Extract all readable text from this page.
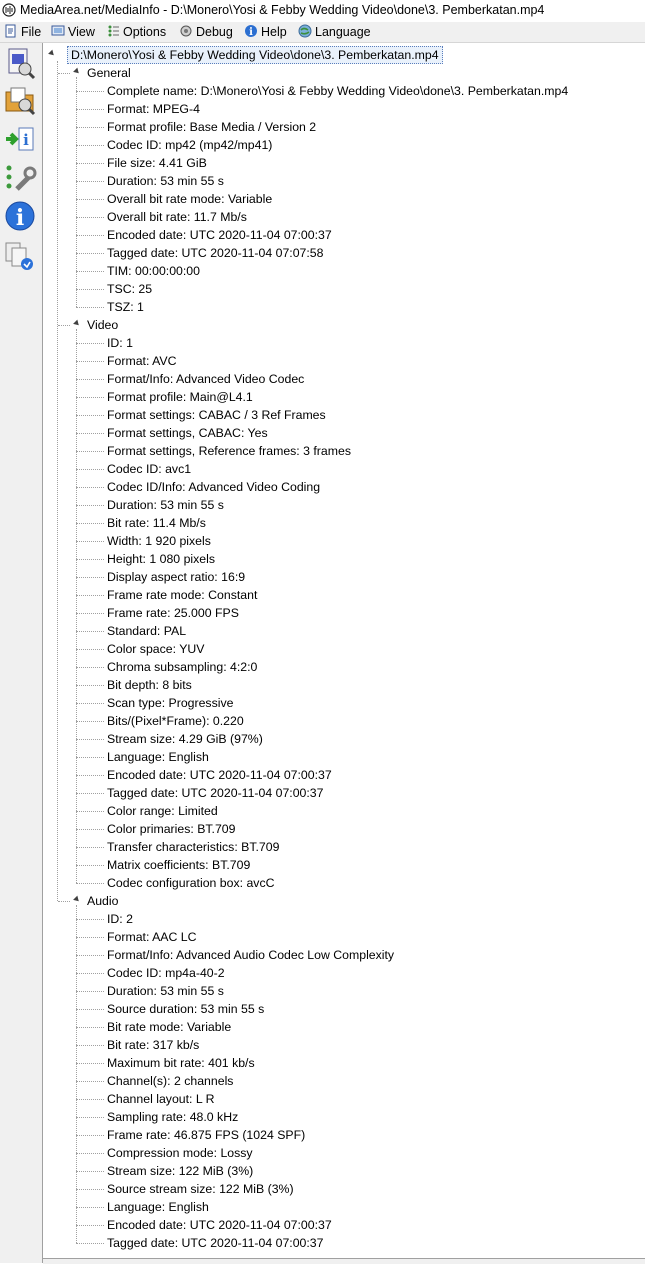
MediaArea.net/MediaInfo - D:\Monero\Yosi & Febby Wedding Video\done\3. Pemberkatan.mp4
File	View	Options	Debug i Help	Language
i
i
D:\Monero\Yosi & Febby Wedding Video\done\3. Pemberkatan.mp4
General
Complete name: D:\Monero\Yosi & Febby Wedding Video\done\3. Pemberkatan.mp4
Format: MPEG-4
Format profile: Base Media / Version 2
Codec ID: mp42 (mp42/mp41)
File size: 4.41 GiB
Duration: 53 min 55 s
Overall bit rate mode: Variable
Overall bit rate: 11.7 Mb/s
Encoded date: UTC 2020-11-04 07:00:37
Tagged date: UTC 2020-11-04 07:07:58
TIM: 00:00:00:00
TSC: 25
TSZ: 1
Video
ID: 1
Format: AVC
Format/Info: Advanced Video Codec
Format profile: Main@L4.1
Format settings: CABAC / 3 Ref Frames
Format settings, CABAC: Yes
Format settings, Reference frames: 3 frames
Codec ID: avc1
Codec ID/Info: Advanced Video Coding
Duration: 53 min 55 s
Bit rate: 11.4 Mb/s
Width: 1 920 pixels
Height: 1 080 pixels
Display aspect ratio: 16:9
Frame rate mode: Constant
Frame rate: 25.000 FPS
Standard: PAL
Color space: YUV
Chroma subsampling: 4:2:0
Bit depth: 8 bits
Scan type: Progressive
Bits/(Pixel*Frame): 0.220
Stream size: 4.29 GiB (97%)
Language: English
Encoded date: UTC 2020-11-04 07:00:37
Tagged date: UTC 2020-11-04 07:00:37
Color range: Limited
Color primaries: BT.709
Transfer characteristics: BT.709
Matrix coefficients: BT.709
Codec configuration box: avcC
Audio
ID: 2
Format: AAC LC
Format/Info: Advanced Audio Codec Low Complexity
Codec ID: mp4a-40-2
Duration: 53 min 55 s
Source duration: 53 min 55 s
Bit rate mode: Variable
Bit rate: 317 kb/s
Maximum bit rate: 401 kb/s
Channel(s): 2 channels
Channel layout: L R
Sampling rate: 48.0 kHz
Frame rate: 46.875 FPS (1024 SPF)
Compression mode: Lossy
Stream size: 122 MiB (3%)
Source stream size: 122 MiB (3%)
Language: English
Encoded date: UTC 2020-11-04 07:00:37
Tagged date: UTC 2020-11-04 07:00:37
